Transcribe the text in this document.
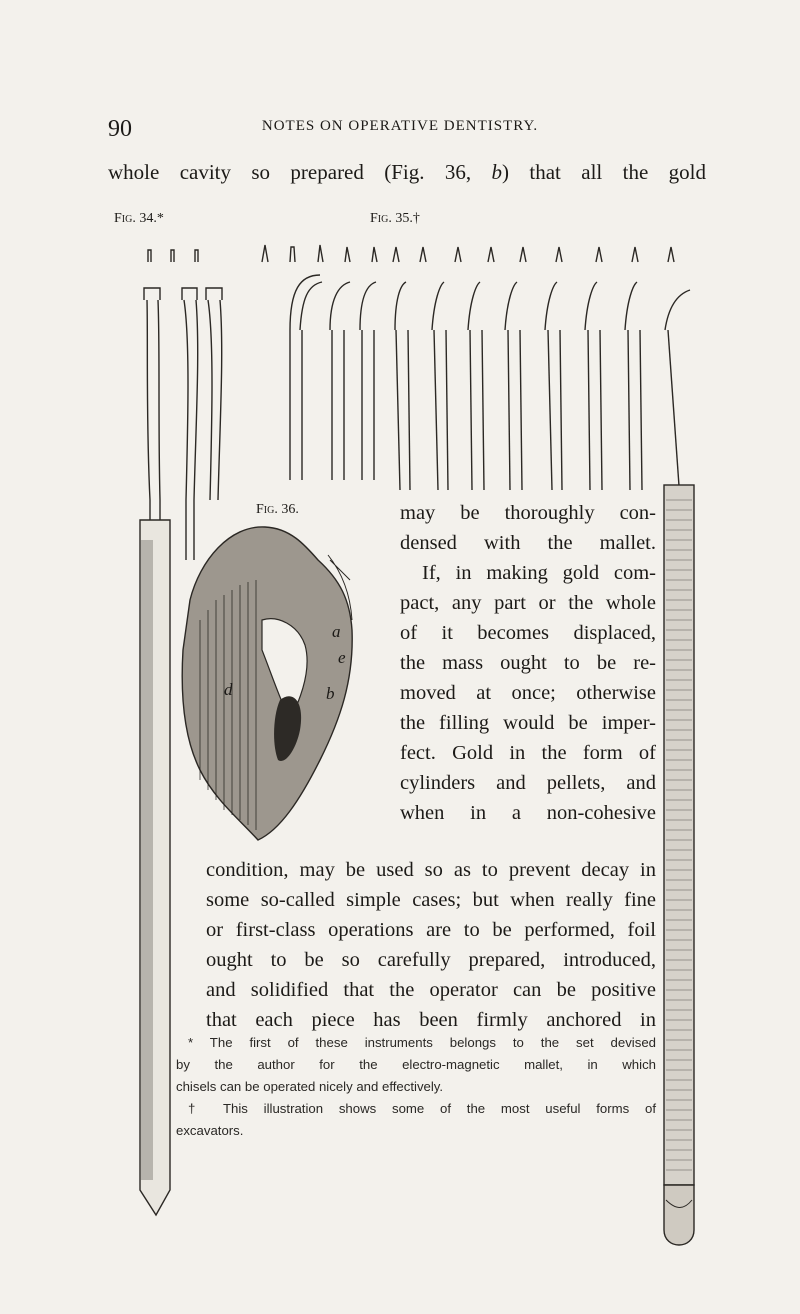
90	NOTES ON OPERATIVE DENTISTRY.
whole cavity so prepared (Fig. 36, b) that all the gold
Fig. 34.*	Fig. 35.†
Fig. 36.
a
e
b
d
may be thoroughly con-
densed with the mallet.
If, in making gold com-
pact, any part or the whole
of it becomes displaced,
the mass ought to be re-
moved at once; otherwise
the filling would be imper-
fect. Gold in the form of
cylinders and pellets, and
when in a non-cohesive
condition, may be used so as to prevent decay in
some so-called simple cases; but when really fine
or first-class operations are to be performed, foil
ought to be so carefully prepared, introduced,
and solidified that the operator can be positive
that each piece has been firmly anchored in
* The first of these instruments belongs to the set devised
by the author for the electro-magnetic mallet, in which
chisels can be operated nicely and effectively.
† This illustration shows some of the most useful forms of
excavators.
